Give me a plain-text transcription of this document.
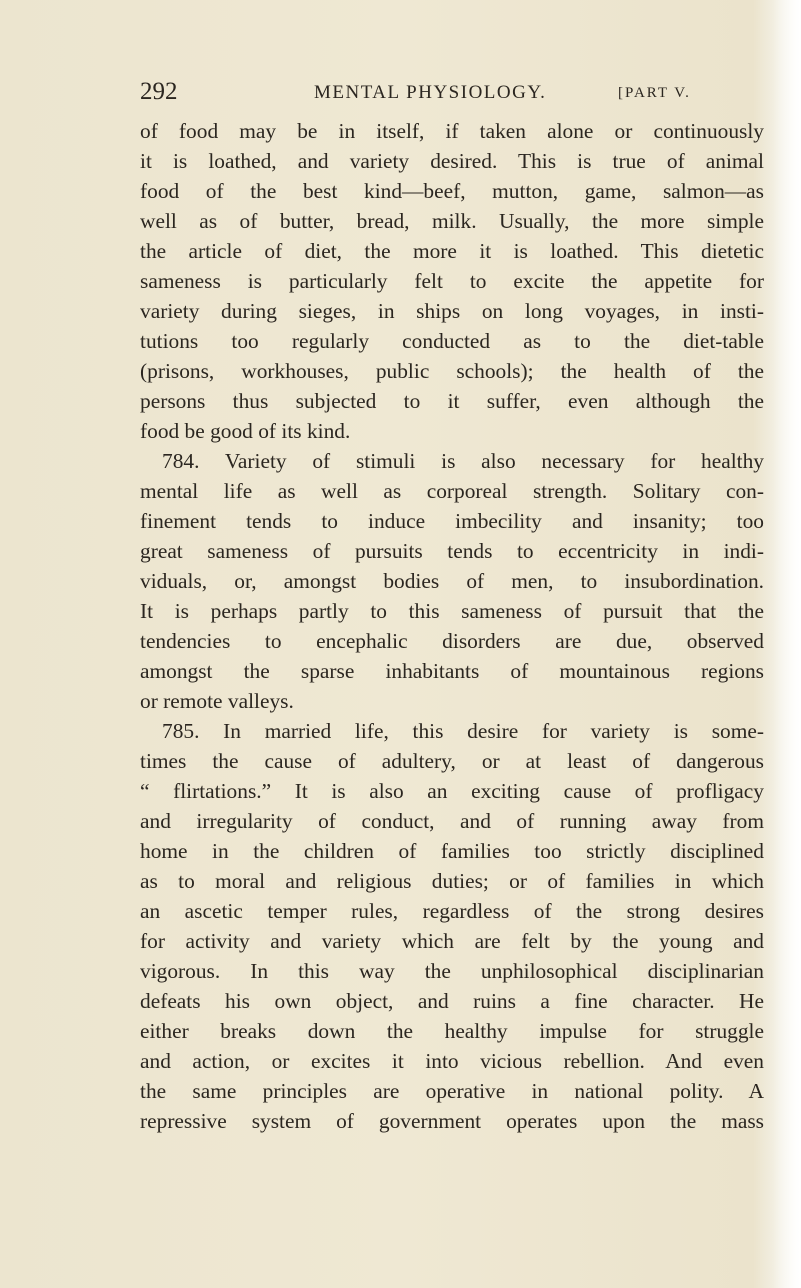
292	MENTAL PHYSIOLOGY.	[PART V.
of food may be in itself, if taken alone or continuously
it is loathed, and variety desired. This is true of animal
food of the best kind—beef, mutton, game, salmon—as
well as of butter, bread, milk. Usually, the more simple
the article of diet, the more it is loathed. This dietetic
sameness is particularly felt to excite the appetite for
variety during sieges, in ships on long voyages, in insti-
tutions too regularly conducted as to the diet-table
(prisons, workhouses, public schools); the health of the
persons thus subjected to it suffer, even although the
food be good of its kind.
784. Variety of stimuli is also necessary for healthy
mental life as well as corporeal strength. Solitary con-
finement tends to induce imbecility and insanity; too
great sameness of pursuits tends to eccentricity in indi-
viduals, or, amongst bodies of men, to insubordination.
It is perhaps partly to this sameness of pursuit that the
tendencies to encephalic disorders are due, observed
amongst the sparse inhabitants of mountainous regions
or remote valleys.
785. In married life, this desire for variety is some-
times the cause of adultery, or at least of dangerous
“ flirtations.” It is also an exciting cause of profligacy
and irregularity of conduct, and of running away from
home in the children of families too strictly disciplined
as to moral and religious duties; or of families in which
an ascetic temper rules, regardless of the strong desires
for activity and variety which are felt by the young and
vigorous. In this way the unphilosophical disciplinarian
defeats his own object, and ruins a fine character. He
either breaks down the healthy impulse for struggle
and action, or excites it into vicious rebellion. And even
the same principles are operative in national polity. A
repressive system of government operates upon the mass
